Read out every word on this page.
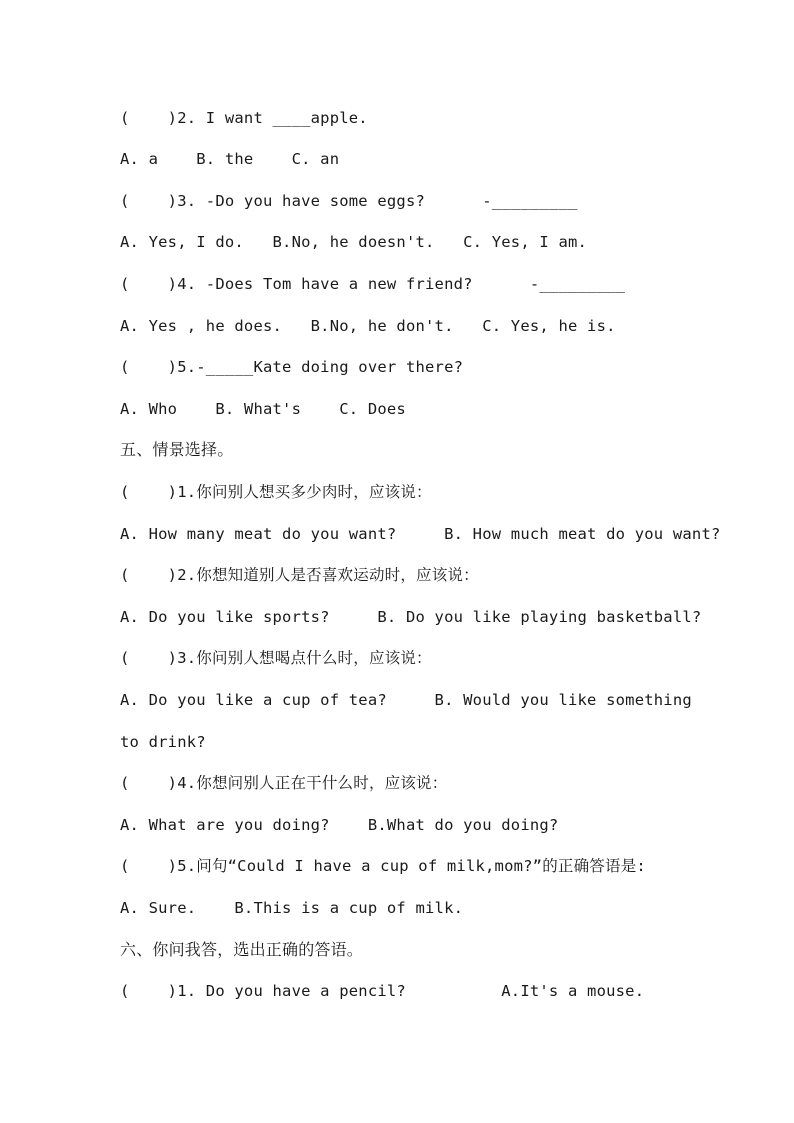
(    )2. I want ____apple.
A. a    B. the    C. an
(    )3. -Do you have some eggs?      -_________
A. Yes, I do.   B.No, he doesn't.   C. Yes, I am.
(    )4. -Does Tom have a new friend?      -_________
A. Yes , he does.   B.No, he don't.   C. Yes, he is.
(    )5.-_____Kate doing over there?
A. Who    B. What's    C. Does
五、情景选择。
(    )1.你问别人想买多少肉时，应该说：
A. How many meat do you want?     B. How much meat do you want?
(    )2.你想知道别人是否喜欢运动时，应该说：
A. Do you like sports?     B. Do you like playing basketball?
(    )3.你问别人想喝点什么时，应该说：
A. Do you like a cup of tea?     B. Would you like something
to drink?
(    )4.你想问别人正在干什么时，应该说：
A. What are you doing?    B.What do you doing?
(    )5.问句“Could I have a cup of milk,mom?”的正确答语是:
A. Sure.    B.This is a cup of milk.
六、你问我答，选出正确的答语。
(    )1. Do you have a pencil?          A.It's a mouse.
